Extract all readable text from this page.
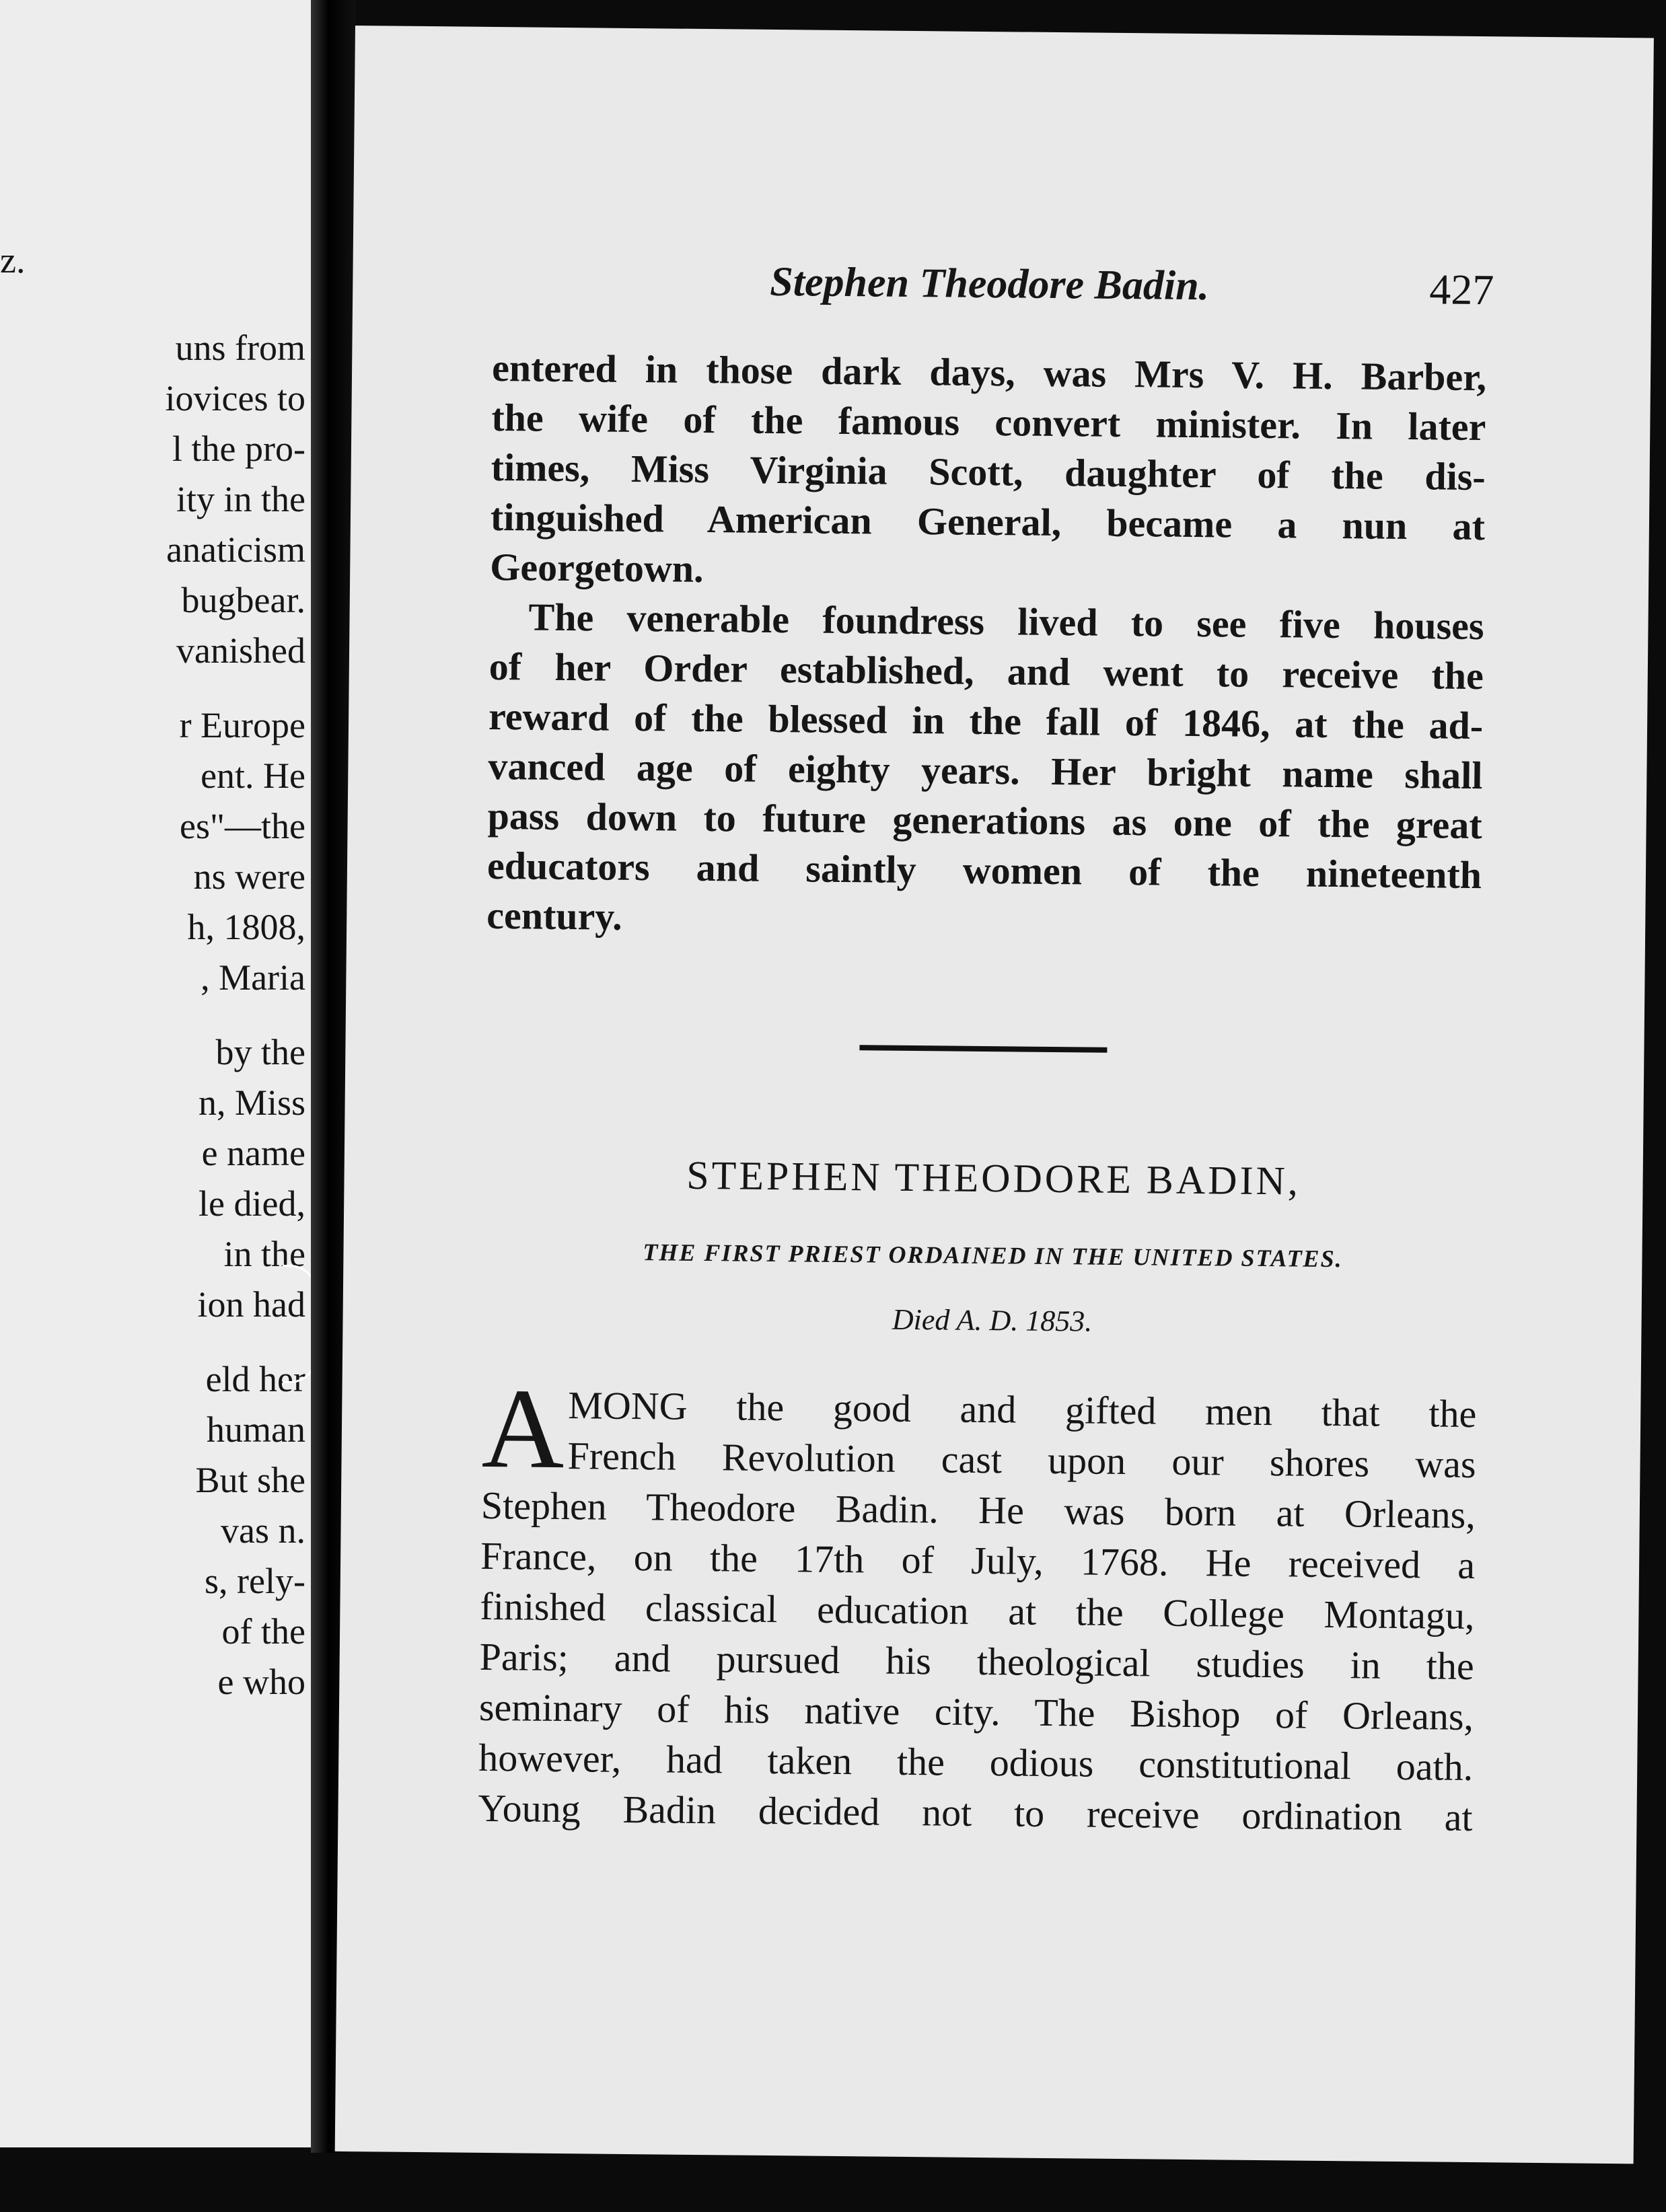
z.
uns from
iovices to
l the pro-
ity in the
anaticism
bugbear.
vanished
r Europe
ent. He
es"—the
ns were
h, 1808,
, Maria
by the
n, Miss
e name
le died,
in the
ion had
eld her
human
But she
vas n.
s, rely-
of the
e who
Stephen Theodore Badin.	427
entered in those dark days, was Mrs V. H. Barber,
the wife of the famous convert minister. In later
times, Miss Virginia Scott, daughter of the dis-
tinguished American General, became a nun at
Georgetown.
The venerable foundress lived to see five houses
of her Order established, and went to receive the
reward of the blessed in the fall of 1846, at the ad-
vanced age of eighty years. Her bright name shall
pass down to future generations as one of the great
educators and saintly women of the nineteenth
century.
STEPHEN THEODORE BADIN,
THE FIRST PRIEST ORDAINED IN THE UNITED STATES.
Died A. D. 1853.
A MONG the good and gifted men that the
French Revolution cast upon our shores was
Stephen Theodore Badin. He was born at Orleans,
France, on the 17th of July, 1768. He received a
finished classical education at the College Montagu,
Paris; and pursued his theological studies in the
seminary of his native city. The Bishop of Orleans,
however, had taken the odious constitutional oath.
Young Badin decided not to receive ordination at
